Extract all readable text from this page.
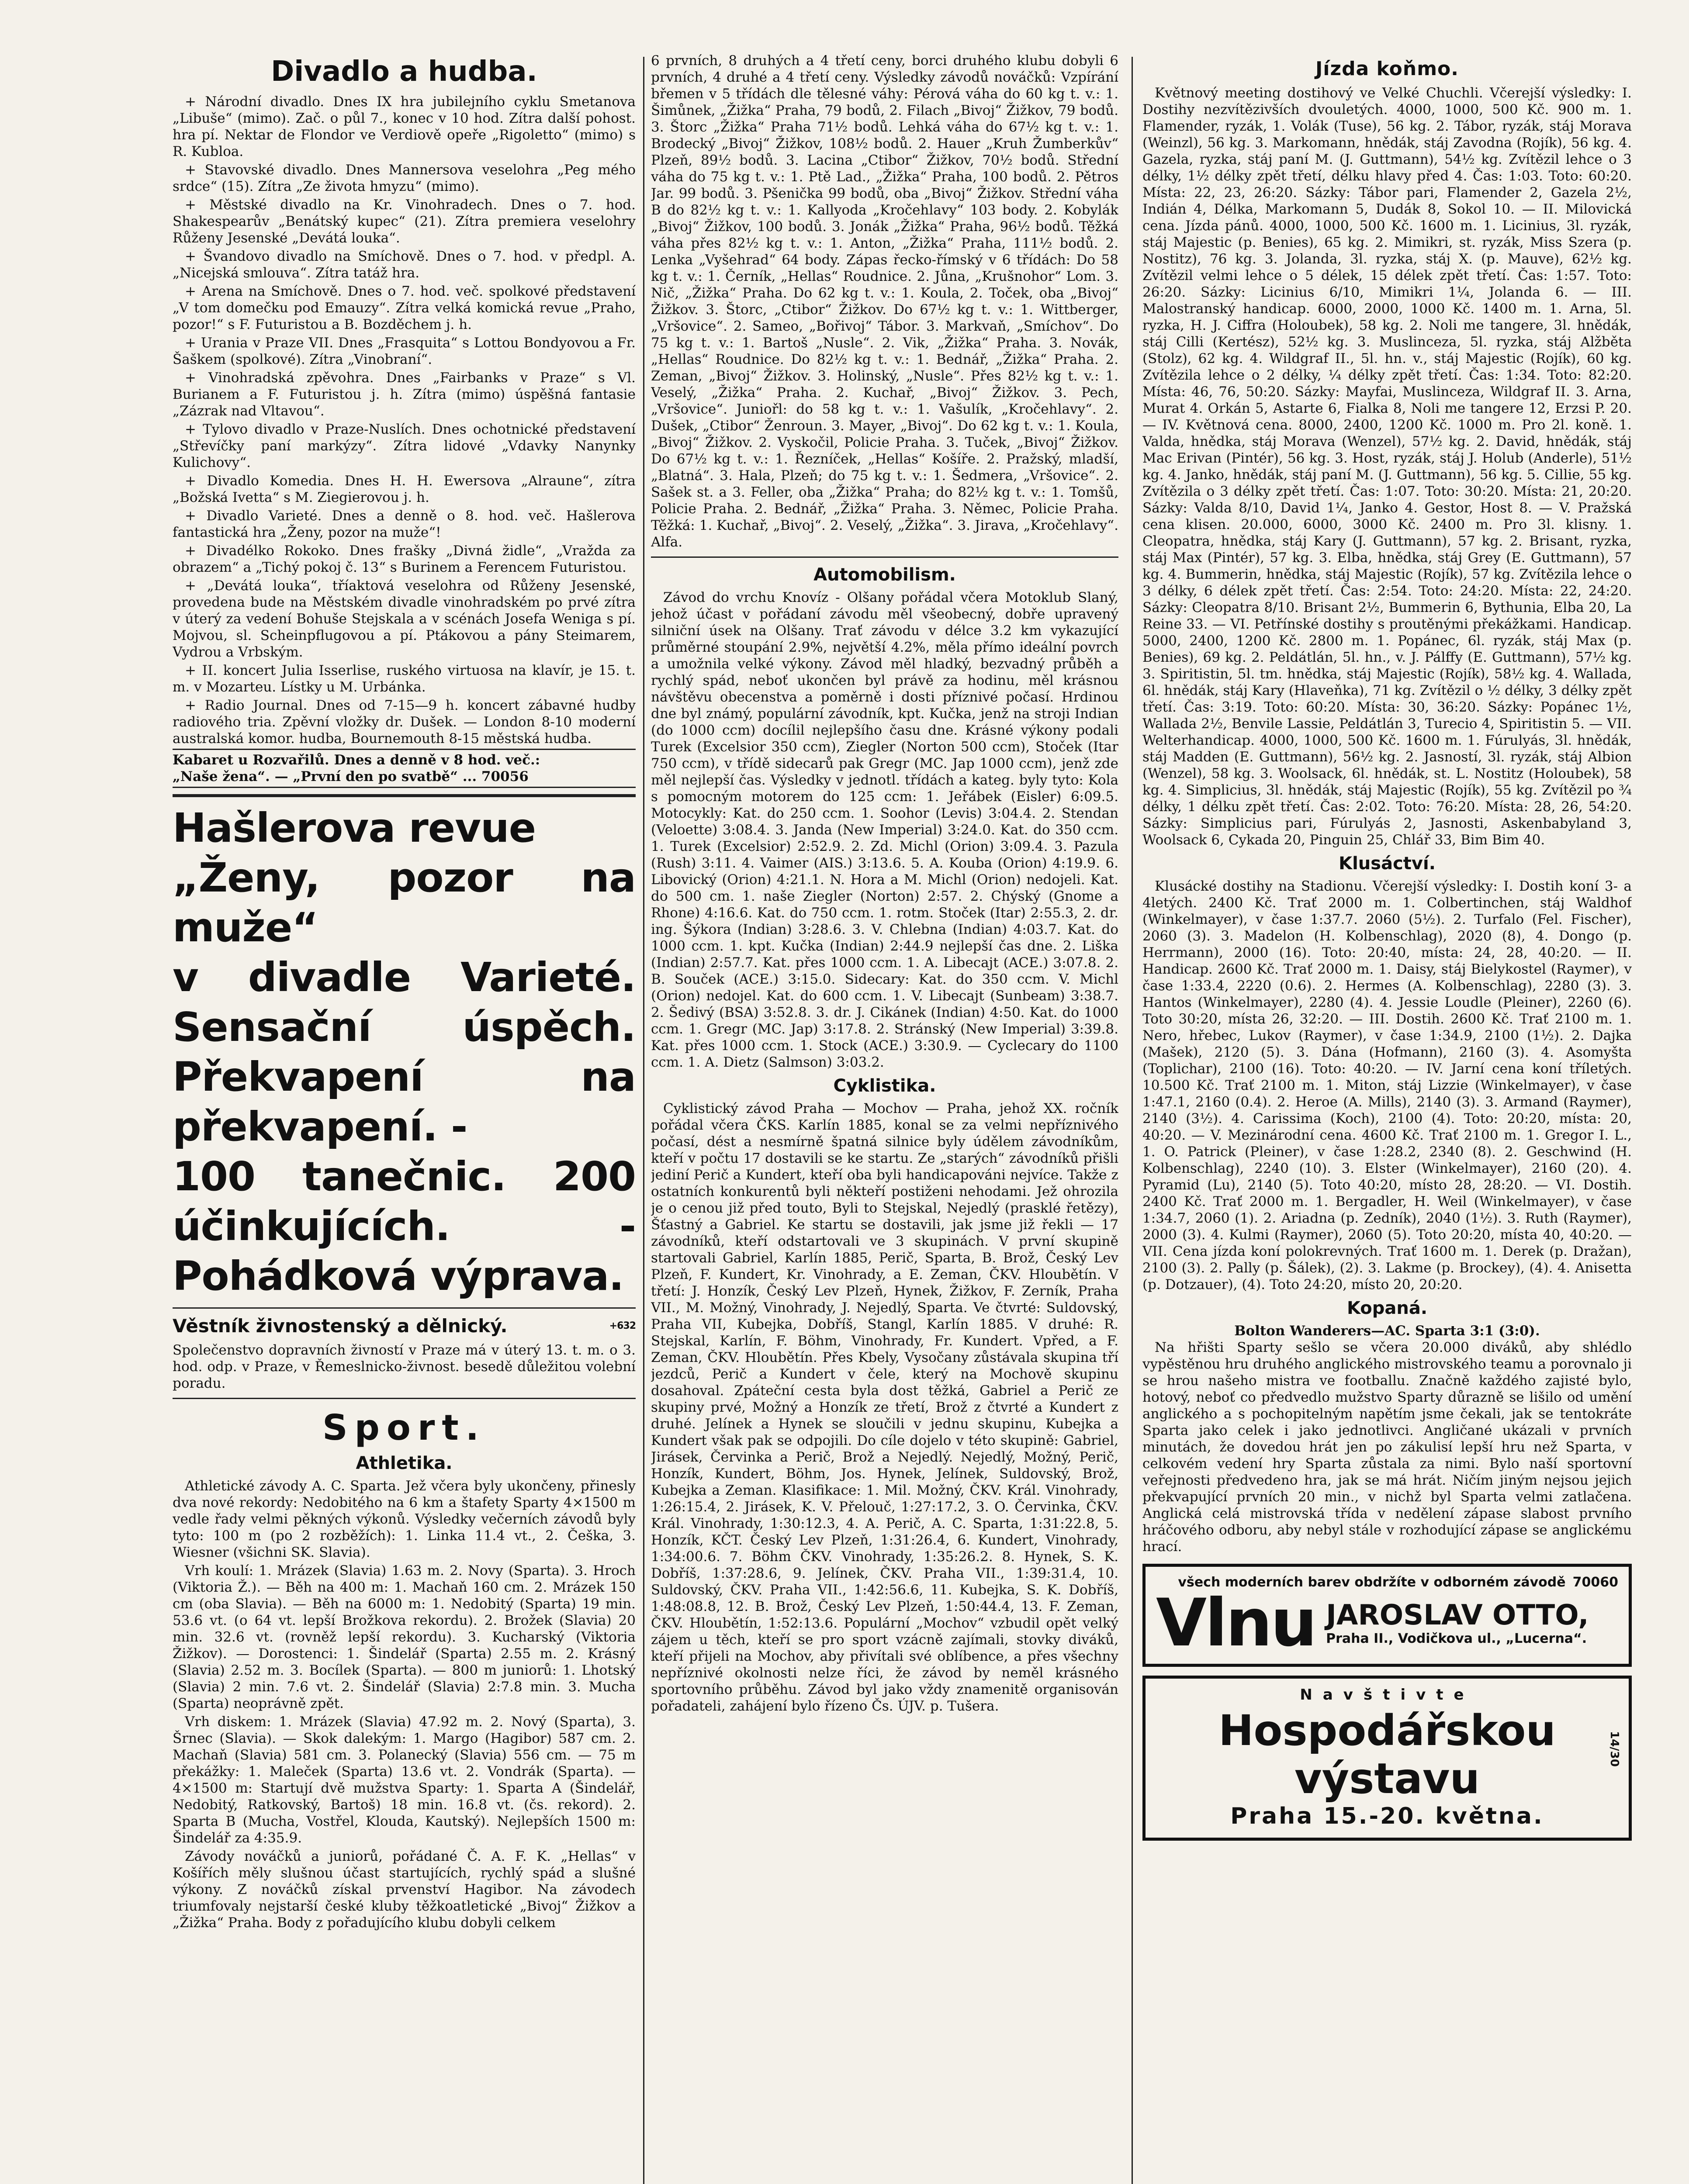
Divadlo a hudba.

+ Národní divadlo. Dnes IX hra jubilejního cyklu Smetanova „Libuše“ (mimo). Zač. o půl 7., konec v 10 hod. Zítra další pohost. hra pí. Nektar de Flondor ve Verdiově opeře „Rigoletto“ (mimo) s R. Kubloa.

+ Stavovské divadlo. Dnes Mannersova veselohra „Peg mého srdce“ (15). Zítra „Ze života hmyzu“ (mimo).

+ Městské divadlo na Kr. Vinohradech. Dnes o 7. hod. Shakespearův „Benátský kupec“ (21). Zítra premiera veselohry Růženy Jesenské „Devátá louka“.

+ Švandovo divadlo na Smíchově. Dnes o 7. hod. v předpl. A. „Nicejská smlouva“. Zítra tatáž hra.

+ Arena na Smíchově. Dnes o 7. hod. več. spolkové představení „V tom domečku pod Emauzy“. Zítra velká komická revue „Praho, pozor!“ s F. Futuristou a B. Bozděchem j. h.

+ Urania v Praze VII. Dnes „Frasquita“ s Lottou Bondyovou a Fr. Šaškem (spolkové). Zítra „Vinobraní“.

+ Vinohradská zpěvohra. Dnes „Fairbanks v Praze“ s Vl. Burianem a F. Futuristou j. h. Zítra (mimo) úspěšná fantasie „Zázrak nad Vltavou“.

+ Tylovo divadlo v Praze-Nuslích. Dnes ochotnické představení „Střevíčky paní markýzy“. Zítra lidové „Vdavky Nanynky Kulichovy“.

+ Divadlo Komedia. Dnes H. H. Ewersova „Alraune“, zítra „Božská Ivetta“ s M. Ziegierovou j. h.

+ Divadlo Varieté. Dnes a denně o 8. hod. več. Hašlerova fantastická hra „Ženy, pozor na muže“!

+ Divadélko Rokoko. Dnes frašky „Divná židle“, „Vražda za obrazem“ a „Tichý pokoj č. 13“ s Burinem a Ferencem Futuristou.

+ „Devátá louka“, tříaktová veselohra od Růženy Jesenské, provedena bude na Městském divadle vinohradském po prvé zítra v úterý za vedení Bohuše Stejskala a v scénách Josefa Wenigа s pí. Mojvou, sl. Scheinpflugovou a pí. Ptákovou a pány Steimarem, Vydrou a Vrbským.

+ II. koncert Julia Isserlise, ruského virtuosa na klavír, je 15. t. m. v Mozarteu. Lístky u M. Urbánka.

+ Radio Journal. Dnes od 7-15—9 h. koncert zábavné hudby radiového tria. Zpěvní vložky dr. Dušek. — London 8-10 moderní australská komor. hudba, Bournemouth 8-15 městská hudba.

Kabaret u Rozvařilů. Dnes a denně v 8 hod. več.:
„Naše žena“. — „První den po svatbě“ ... 70056
Hašlerova revue
„Ženy, pozor na muže“
v divadle Varieté. Sensační úspěch. Překvapení na překvapení. -
100 tanečnic. 200 účinkujících. - Pohádková výprava.
+632
Věstník živnostenský a dělnický.

Společenstvo dopravních živností v Praze má v úterý 13. t. m. o 3. hod. odp. v Praze, v Řemeslnicko-živnost. besedě důležitou volební poradu.

Sport.
Athletika.

Athletické závody A. C. Sparta. Jež včera byly ukončeny, přinesly dva nové rekordy: Nedobitého na 6 km a štafety Sparty 4×1500 m vedle řady velmi pěkných výkonů. Výsledky večerních závodů byly tyto: 100 m (po 2 rozběžích): 1. Linka 11.4 vt., 2. Češka, 3. Wiesner (všichni SK. Slavia).

Vrh koulí: 1. Mrázek (Slavia) 1.63 m. 2. Novy (Sparta). 3. Hroch (Viktoria Ž.). — Běh na 400 m: 1. Machaň 160 cm. 2. Mrázek 150 cm (oba Slavia). — Běh na 6000 m: 1. Nedobitý (Sparta) 19 min. 53.6 vt. (o 64 vt. lepší Brožkova rekordu). 2. Brožek (Slavia) 20 min. 32.6 vt. (rovněž lepší rekordu). 3. Kucharský (Viktoria Žižkov). — Dorostenci: 1. Šindelář (Sparta) 2.55 m. 2. Krásný (Slavia) 2.52 m. 3. Bocílek (Sparta). — 800 m juniorů: 1. Lhotský (Slavia) 2 min. 7.6 vt. 2. Šindelář (Slavia) 2:7.8 min. 3. Mucha (Sparta) neoprávně zpět.

Vrh diskem: 1. Mrázek (Slavia) 47.92 m. 2. Nový (Sparta), 3. Šrnec (Slavia). — Skok dalekým: 1. Margo (Hagibor) 587 cm. 2. Machaň (Slavia) 581 cm. 3. Polanecký (Slavia) 556 cm. — 75 m překážky: 1. Maleček (Sparta) 13.6 vt. 2. Vondrák (Sparta). — 4×1500 m: Startují dvě mužstva Sparty: 1. Sparta A (Šindelář, Nedobitý, Ratkovský, Bartoš) 18 min. 16.8 vt. (čs. rekord). 2. Sparta B (Mucha, Vostřel, Klouda, Kautský). Nejlepších 1500 m: Šindelář za 4:35.9.

Závody nováčků a juniorů, pořádané Č. A. F. K. „Hellas“ v Košířích měly slušnou účast startujících, rychlý spád a slušné výkony. Z nováčků získal prvenství Hagibor. Na závodech triumfovaly nejstarší české kluby těžkoatletické „Bivoj“ Žižkov a „Žižka“ Praha. Body z pořadujícího klubu dobyli celkem

6 prvních, 8 druhých a 4 třetí ceny, borci druhého klubu dobyli 6 prvních, 4 druhé a 4 třetí ceny. Výsledky závodů nováčků: Vzpírání břemen v 5 třídách dle tělesné váhy: Pérová váha do 60 kg t. v.: 1. Šimůnek, „Žižka“ Praha, 79 bodů, 2. Filach „Bivoj“ Žižkov, 79 bodů. 3. Štorc „Žižka“ Praha 71½ bodů. Lehká váha do 67½ kg t. v.: 1. Brodecký „Bivoj“ Žižkov, 108½ bodů. 2. Hauer „Kruh Žumberkův“ Plzeň, 89½ bodů. 3. Lacina „Ctibor“ Žižkov, 70½ bodů. Střední váha do 75 kg t. v.: 1. Ptě Lad., „Žižka“ Praha, 100 bodů. 2. Pětros Jar. 99 bodů. 3. Pšenička 99 bodů, oba „Bivoj“ Žižkov. Střední váha B do 82½ kg t. v.: 1. Kallyoda „Kročehlavy“ 103 body. 2. Kobylák „Bivoj“ Žižkov, 100 bodů. 3. Jonák „Žižka“ Praha, 96½ bodů. Těžká váha přes 82½ kg t. v.: 1. Anton, „Žižka“ Praha, 111½ bodů. 2. Lenka „Vyšehrad“ 64 body. Zápas řecko-římský v 6 třídách: Do 58 kg t. v.: 1. Černík, „Hellas“ Roudnice. 2. Jůna, „Krušnohor“ Lom. 3. Nič, „Žižka“ Praha. Do 62 kg t. v.: 1. Koula, 2. Toček, oba „Bivoj“ Žižkov. 3. Štorc, „Ctibor“ Žižkov. Do 67½ kg t. v.: 1. Wittberger, „Vršovice“. 2. Sameo, „Bořivoj“ Tábor. 3. Markvaň, „Smíchov“. Do 75 kg t. v.: 1. Bartoš „Nusle“. 2. Vik, „Žižka“ Praha. 3. Novák, „Hellas“ Roudnice. Do 82½ kg t. v.: 1. Bednář, „Žižka“ Praha. 2. Zeman, „Bivoj“ Žižkov. 3. Holinský, „Nusle“. Přes 82½ kg t. v.: 1. Veselý, „Žižka“ Praha. 2. Kuchař, „Bivoj“ Žižkov. 3. Pech, „Vršovice“. Juniořl: do 58 kg t. v.: 1. Vašulík, „Kročehlavy“. 2. Dušek, „Ctibor“ Ženroun. 3. Mayer, „Bivoj“. Do 62 kg t. v.: 1. Koula, „Bivoj“ Žižkov. 2. Vyskočil, Policie Praha. 3. Tuček, „Bivoj“ Žižkov. Do 67½ kg t. v.: 1. Řezníček, „Hellas“ Košíře. 2. Pražský, mladší, „Blatná“. 3. Hala, Plzeň; do 75 kg t. v.: 1. Šedmera, „Vršovice“. 2. Sašek st. a 3. Feller, oba „Žižka“ Praha; do 82½ kg t. v.: 1. Tomšů, Policie Praha. 2. Bednář, „Žižka“ Praha. 3. Němec, Policie Praha. Těžká: 1. Kuchař, „Bivoj“. 2. Veselý, „Žižka“. 3. Jirava, „Kročehlavy“. Alfa.

Automobilism.

Závod do vrchu Knovíz - Olšany pořádal včera Motoklub Slaný, jehož účast v pořádaní závodu měl všeobecný, dobře upravený silniční úsek na Olšany. Trať závodu v délce 3.2 km vykazující průměrné stoupání 2.9%, největší 4.2%, měla přímo ideální povrch a umožnila velké výkony. Závod měl hladký, bezvadný průběh a rychlý spád, neboť ukončen byl právě za hodinu, měl krásnou návštěvu obecenstva a poměrně i dosti příznivé počasí. Hrdinou dne byl známý, populární závodník, kpt. Kučka, jenž na stroji Indian (do 1000 ccm) docílil nejlepšího času dne. Krásné výkony podali Turek (Excelsior 350 ccm), Ziegler (Norton 500 ccm), Stoček (Itar 750 ccm), v třídě sidecarů pak Gregr (MC. Jap 1000 ccm), jenž zde měl nejlepší čas. Výsledky v jednotl. třídách a kateg. byly tyto: Kola s pomocným motorem do 125 ccm: 1. Jeřábek (Eisler) 6:09.5. Motocykly: Kat. do 250 ccm. 1. Soohor (Levis) 3:04.4. 2. Stendan (Veloette) 3:08.4. 3. Janda (New Imperial) 3:24.0. Kat. do 350 ccm. 1. Turek (Excelsior) 2:52.9. 2. Zd. Michl (Orion) 3:09.4. 3. Pazula (Rush) 3:11. 4. Vaimer (AIS.) 3:13.6. 5. A. Kouba (Orion) 4:19.9. 6. Libovický (Orion) 4:21.1. N. Hora a M. Michl (Orion) nedojeli. Kat. do 500 cm. 1. naše Ziegler (Norton) 2:57. 2. Chýský (Gnome a Rhone) 4:16.6. Kat. do 750 ccm. 1. rotm. Stoček (Itar) 2:55.3, 2. dr. ing. Šýkora (Indian) 3:28.6. 3. V. Chlebna (Indian) 4:03.7. Kat. do 1000 ccm. 1. kpt. Kučka (Indian) 2:44.9 nejlepší čas dne. 2. Liška (Indian) 2:57.7. Kat. přes 1000 ccm. 1. A. Libecajt (ACE.) 3:07.8. 2. B. Souček (ACE.) 3:15.0. Sidecary: Kat. do 350 ccm. V. Michl (Orion) nedojel. Kat. do 600 ccm. 1. V. Libecajt (Sunbeam) 3:38.7. 2. Šedivý (BSA) 3:52.8. 3. dr. J. Cikánek (Indian) 4:50. Kat. do 1000 ccm. 1. Gregr (MC. Jap) 3:17.8. 2. Stránský (New Imperial) 3:39.8. Kat. přes 1000 ccm. 1. Stock (ACE.) 3:30.9. — Cyclecary do 1100 ccm. 1. A. Dietz (Salmson) 3:03.2.

Cyklistika.

Cyklistický závod Praha — Mochov — Praha, jehož XX. ročník pořádal včera ČKS. Karlín 1885, konal se za velmi nepříznivého počasí, dést a nesmírně špatná silnice byly údělem závodníkům, kteří v počtu 17 dostavili se ke startu. Ze „starých“ závodníků přišli jediní Perič a Kundert, kteří oba byli handicapováni nejvíce. Takže z ostatních konkurentů byli někteří postiženi nehodami. Jež ohrozila je o cenou již před touto, Byli to Stejskal, Nejedlý (prasklé řetězy), Šťastný a Gabriel. Ke startu se dostavili, jak jsme již řekli — 17 závodníků, kteří odstartovali ve 3 skupinách. V první skupině startovali Gabriel, Karlín 1885, Perič, Sparta, B. Brož, Český Lev Plzeň, F. Kundert, Kr. Vinohrady, a E. Zeman, ČKV. Hloubětín. V třetí: J. Honzík, Český Lev Plzeň, Hynek, Žižkov, F. Zerník, Praha VII., M. Možný, Vinohrady, J. Nejedlý, Sparta. Ve čtvrté: Suldovský, Praha VII, Kubejka, Dobříš, Stangl, Karlín 1885. V druhé: R. Stejskal, Karlín, F. Böhm, Vinohrady, Fr. Kundert. Vpřed, a F. Zeman, ČKV. Hloubětín. Přes Kbely, Vysočany zůstávala skupina tří jezdců, Perič a Kundert v čele, který na Mochově skupinu dosahoval. Zpáteční cesta byla dost těžká, Gabriel a Perič ze skupiny prvé, Možný a Honzík ze třetí, Brož z čtvrté a Kundert z druhé. Jelínek a Hynek se sloučili v jednu skupinu, Kubejka a Kundert však pak se odpojili. Do cíle dojelo v této skupině: Gabriel, Jirásek, Červinka a Perič, Brož a Nejedlý. Nejedlý, Možný, Perič, Honzík, Kundert, Böhm, Jos. Hynek, Jelínek, Suldovský, Brož, Kubejka a Zeman. Klasifikace: 1. Mil. Možný, ČKV. Král. Vinohrady, 1:26:15.4, 2. Jirásek, K. V. Přelouč, 1:27:17.2, 3. O. Červinka, ČKV. Král. Vinohrady, 1:30:12.3, 4. A. Perič, A. C. Sparta, 1:31:22.8, 5. Honzík, KČT. Český Lev Plzeň, 1:31:26.4, 6. Kundert, Vinohrady, 1:34:00.6. 7. Böhm ČKV. Vinohrady, 1:35:26.2. 8. Hynek, S. K. Dobříš, 1:37:28.6, 9. Jelínek, ČKV. Praha VII., 1:39:31.4, 10. Suldovský, ČKV. Praha VII., 1:42:56.6, 11. Kubejka, S. K. Dobříš, 1:48:08.8, 12. B. Brož, Český Lev Plzeň, 1:50:44.4, 13. F. Zeman, ČKV. Hloubětín, 1:52:13.6. Populární „Mochov“ vzbudil opět velký zájem u těch, kteří se pro sport vzácně zajímali, stovky diváků, kteří přijeli na Mochov, aby přivítali své oblíbence, a přes všechny nepříznivé okolnosti nelze říci, že závod by neměl krásného sportovního průběhu. Závod byl jako vždy znamenitě organisován pořadateli, zahájení bylo řízeno Čs. ÚJV. p. Tušera.

Jízda koňmo.

Květnový meeting dostihový ve Velké Chuchli. Včerejší výsledky: I. Dostihy nezvítězivších dvouletých. 4000, 1000, 500 Kč. 900 m. 1. Flamender, ryzák, 1. Volák (Tuse), 56 kg. 2. Tábor, ryzák, stáj Morava (Weinzl), 56 kg. 3. Markomann, hnědák, stáj Zavodna (Rojík), 56 kg. 4. Gazela, ryzka, stáj paní M. (J. Guttmann), 54½ kg. Zvítězil lehce o 3 délky, 1½ délky zpět třetí, délku hlavy před 4. Čas: 1:03. Toto: 60:20. Místa: 22, 23, 26:20. Sázky: Tábor pari, Flamender 2, Gazela 2½, Indián 4, Délka, Markomann 5, Dudák 8, Sokol 10. — II. Milovická cena. Jízda pánů. 4000, 1000, 500 Kč. 1600 m. 1. Licinius, 3l. ryzák, stáj Majestic (p. Benies), 65 kg. 2. Mimikri, st. ryzák, Miss Szera (p. Nostitz), 76 kg. 3. Jolanda, 3l. ryzka, stáj X. (p. Mauve), 62½ kg. Zvítězil velmi lehce o 5 délek, 15 délek zpět třetí. Čas: 1:57. Toto: 26:20. Sázky: Licinius 6/10, Mimikri 1¼, Jolanda 6. — III. Malostranský handicap. 6000, 2000, 1000 Kč. 1400 m. 1. Arna, 5l. ryzka, H. J. Ciffra (Holoubek), 58 kg. 2. Noli me tangere, 3l. hnědák, stáj Cilli (Kertész), 52½ kg. 3. Muslinceza, 5l. ryzka, stáj Alžběta (Stolz), 62 kg. 4. Wildgraf II., 5l. hn. v., stáj Majestic (Rojík), 60 kg. Zvítězila lehce o 2 délky, ¼ délky zpět třetí. Čas: 1:34. Toto: 82:20. Místa: 46, 76, 50:20. Sázky: Mayfai, Muslinceza, Wildgraf II. 3. Arna, Murat 4. Orkán 5, Astarte 6, Fialka 8, Noli me tangere 12, Erzsi P. 20. — IV. Květnová cena. 8000, 2400, 1200 Kč. 1000 m. Pro 2l. koně. 1. Valda, hnědka, stáj Morava (Wenzel), 57½ kg. 2. David, hnědák, stáj Mac Erivan (Pintér), 56 kg. 3. Host, ryzák, stáj J. Holub (Anderle), 51½ kg. 4. Janko, hnědák, stáj paní M. (J. Guttmann), 56 kg. 5. Cillie, 55 kg. Zvítězila o 3 délky zpět třetí. Čas: 1:07. Toto: 30:20. Místa: 21, 20:20. Sázky: Valda 8/10, David 1¼, Janko 4. Gestor, Host 8. — V. Pražská cena klisen. 20.000, 6000, 3000 Kč. 2400 m. Pro 3l. klisny. 1. Cleopatra, hnědka, stáj Kary (J. Guttmann), 57 kg. 2. Brisant, ryzka, stáj Max (Pintér), 57 kg. 3. Elba, hnědka, stáj Grey (E. Guttmann), 57 kg. 4. Bummerin, hnědka, stáj Majestic (Rojík), 57 kg. Zvítězila lehce o 3 délky, 6 délek zpět třetí. Čas: 2:54. Toto: 24:20. Místa: 22, 24:20. Sázky: Cleopatra 8/10. Brisant 2½, Bummerin 6, Bythunia, Elba 20, La Reine 33. — VI. Petřínské dostihy s proutěnými překážkami. Handicap. 5000, 2400, 1200 Kč. 2800 m. 1. Popánec, 6l. ryzák, stáj Max (p. Benies), 69 kg. 2. Peldátlán, 5l. hn., v. J. Pálffy (E. Guttmann), 57½ kg. 3. Spiritistin, 5l. tm. hnědka, stáj Majestic (Rojík), 58½ kg. 4. Wallada, 6l. hnědák, stáj Kary (Hlaveňka), 71 kg. Zvítězil o ½ délky, 3 délky zpět třetí. Čas: 3:19. Toto: 60:20. Místa: 30, 36:20. Sázky: Popánec 1½, Wallada 2½, Benvile Lassie, Peldátlán 3, Turecio 4, Spiritistin 5. — VII. Welterhandicap. 4000, 1000, 500 Kč. 1600 m. 1. Fúrulyás, 3l. hnědák, stáj Madden (E. Guttmann), 56½ kg. 2. Jasností, 3l. ryzák, stáj Albion (Wenzel), 58 kg. 3. Woolsack, 6l. hnědák, st. L. Nostitz (Holoubek), 58 kg. 4. Simplicius, 3l. hnědák, stáj Majestic (Rojík), 55 kg. Zvítězil po ¾ délky, 1 délku zpět třetí. Čas: 2:02. Toto: 76:20. Místa: 28, 26, 54:20. Sázky: Simplicius pari, Fúrulyás 2, Jasnosti, Askenbabyland 3, Woolsack 6, Cykada 20, Pinguin 25, Chlář 33, Bim Bim 40.

Klusáctví.

Klusácké dostihy na Stadionu. Včerejší výsledky: I. Dostih koní 3- a 4letých. 2400 Kč. Trať 2000 m. 1. Colbertinchen, stáj Waldhof (Winkelmayer), v čase 1:37.7. 2060 (5½). 2. Turfalo (Fel. Fischer), 2060 (3). 3. Madelon (H. Kolbenschlag), 2020 (8), 4. Dongo (p. Herrmann), 2000 (16). Toto: 20:40, místa: 24, 28, 40:20. — II. Handicap. 2600 Kč. Trať 2000 m. 1. Daisy, stáj Bielykostel (Raymer), v čase 1:33.4, 2220 (0.6). 2. Hermes (A. Kolbenschlag), 2280 (3). 3. Hantos (Winkelmayer), 2280 (4). 4. Jessie Loudle (Pleiner), 2260 (6). Toto 30:20, místa 26, 32:20. — III. Dostih. 2600 Kč. Trať 2100 m. 1. Nero, hřebec, Lukov (Raymer), v čase 1:34.9, 2100 (1½). 2. Dajka (Mašek), 2120 (5). 3. Dána (Hofmann), 2160 (3). 4. Asomyšta (Toplichar), 2100 (16). Toto: 40:20. — IV. Jarní cena koní tříletých. 10.500 Kč. Trať 2100 m. 1. Miton, stáj Lizzie (Winkelmayer), v čase 1:47.1, 2160 (0.4). 2. Heroe (A. Mills), 2140 (3). 3. Armand (Raymer), 2140 (3½). 4. Carissima (Koch), 2100 (4). Toto: 20:20, místa: 20, 40:20. — V. Mezinárodní cena. 4600 Kč. Trať 2100 m. 1. Gregor I. L., 1. O. Patrick (Pleiner), v čase 1:28.2, 2340 (8). 2. Geschwind (H. Kolbenschlag), 2240 (10). 3. Elster (Winkelmayer), 2160 (20). 4. Pyramid (Lu), 2140 (5). Toto 40:20, místo 28, 28:20. — VI. Dostih. 2400 Kč. Trať 2000 m. 1. Bergadler, H. Weil (Winkelmayer), v čase 1:34.7, 2060 (1). 2. Ariadna (p. Zedník), 2040 (1½). 3. Ruth (Raymer), 2000 (3). 4. Kulmi (Raymer), 2060 (5). Toto 20:20, místa 40, 40:20. — VII. Cena jízda koní polokrevných. Trať 1600 m. 1. Derek (p. Dražan), 2100 (3). 2. Pally (p. Šálek), (2). 3. Lakme (p. Brockey), (4). 4. Anisetta (p. Dotzauer), (4). Toto 24:20, místo 20, 20:20.

Kopaná.
Bolton Wanderers—AC. Sparta 3:1 (3:0).

Na hřišti Sparty sešlo se včera 20.000 diváků, aby shlédlo vypěstěnou hru druhého anglického mistrovského teamu a porovnalo ji se hrou našeho mistra ve footballu. Značně každého zajisté bylo, hotový, neboť co předvedlo mužstvo Sparty důrazně se lišilo od umění anglického a s pochopitelným napětím jsme čekali, jak se tentokráte Sparta jako celek i jako jednotlivci. Angličané ukázali v prvních minutách, že dovedou hrát jen po zákulisí lepší hru než Sparta, v celkovém vedení hry Sparta zůstala za nimi. Bylo naší sportovní veřejnosti předvedeno hra, jak se má hrát. Ničím jiným nejsou jejich překvapující prvních 20 min., v nichž byl Sparta velmi zatlačena. Anglická celá mistrovská třída v nedělení zápase slabost prvního hráčového odboru, aby nebyl stále v rozhodující zápase se anglickému hrací.

všech moderních barev obdržíte v odborném závodě 70060
Vlnu JAROSLAV OTTO,
Praha II., Vodičkova ul., „Lucerna“.
Navštivte
Hospodářskou výstavu
Praha 15.-20. května.
14/30
